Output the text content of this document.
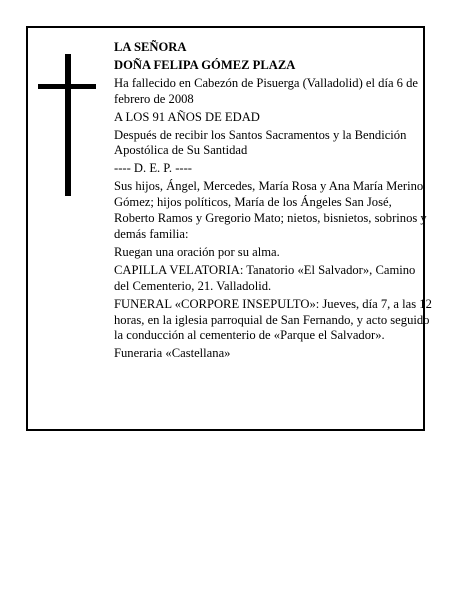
LA SEÑORA

DOÑA FELIPA GÓMEZ PLAZA

Ha fallecido en Cabezón de Pisuerga (Valladolid) el día 6 de febrero de 2008

A LOS 91 AÑOS DE EDAD

Después de recibir los Santos Sacramentos y la Bendición Apostólica de Su Santidad

---- D. E. P. ----

Sus hijos, Ángel, Mercedes, María Rosa y Ana María Merino Gómez; hijos políticos, María de los Ángeles San José, Roberto Ramos y Gregorio Mato; nietos, bisnietos, sobrinos y demás familia:

Ruegan una oración por su alma.

CAPILLA VELATORIA: Tanatorio «El Salvador», Camino del Cementerio, 21. Valladolid.

FUNERAL «CORPORE INSEPULTO»: Jueves, día 7, a las 12 horas, en la iglesia parroquial de San Fernando, y acto seguido la conducción al cementerio de «Parque el Salvador».

Funeraria «Castellana»
